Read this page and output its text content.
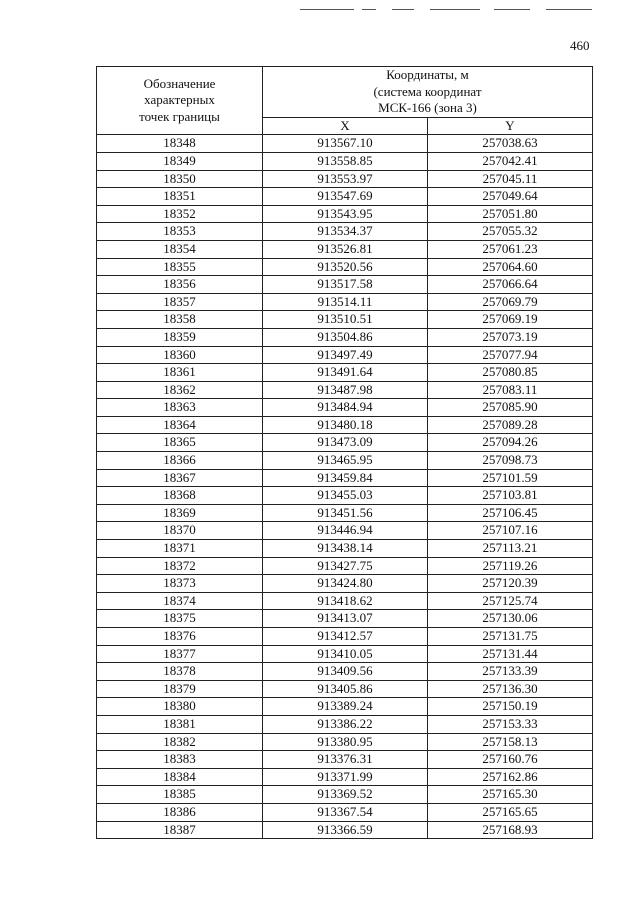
460
Обозначение
характерных
точек границы	Координаты, м
(система координат
МСК-166 (зона 3)	

	X	Y
18348	913567.10	257038.63
18349	913558.85	257042.41
18350	913553.97	257045.11
18351	913547.69	257049.64
18352	913543.95	257051.80
18353	913534.37	257055.32
18354	913526.81	257061.23
18355	913520.56	257064.60
18356	913517.58	257066.64
18357	913514.11	257069.79
18358	913510.51	257069.19
18359	913504.86	257073.19
18360	913497.49	257077.94
18361	913491.64	257080.85
18362	913487.98	257083.11
18363	913484.94	257085.90
18364	913480.18	257089.28
18365	913473.09	257094.26
18366	913465.95	257098.73
18367	913459.84	257101.59
18368	913455.03	257103.81
18369	913451.56	257106.45
18370	913446.94	257107.16
18371	913438.14	257113.21
18372	913427.75	257119.26
18373	913424.80	257120.39
18374	913418.62	257125.74
18375	913413.07	257130.06
18376	913412.57	257131.75
18377	913410.05	257131.44
18378	913409.56	257133.39
18379	913405.86	257136.30
18380	913389.24	257150.19
18381	913386.22	257153.33
18382	913380.95	257158.13
18383	913376.31	257160.76
18384	913371.99	257162.86
18385	913369.52	257165.30
18386	913367.54	257165.65
18387	913366.59	257168.93
